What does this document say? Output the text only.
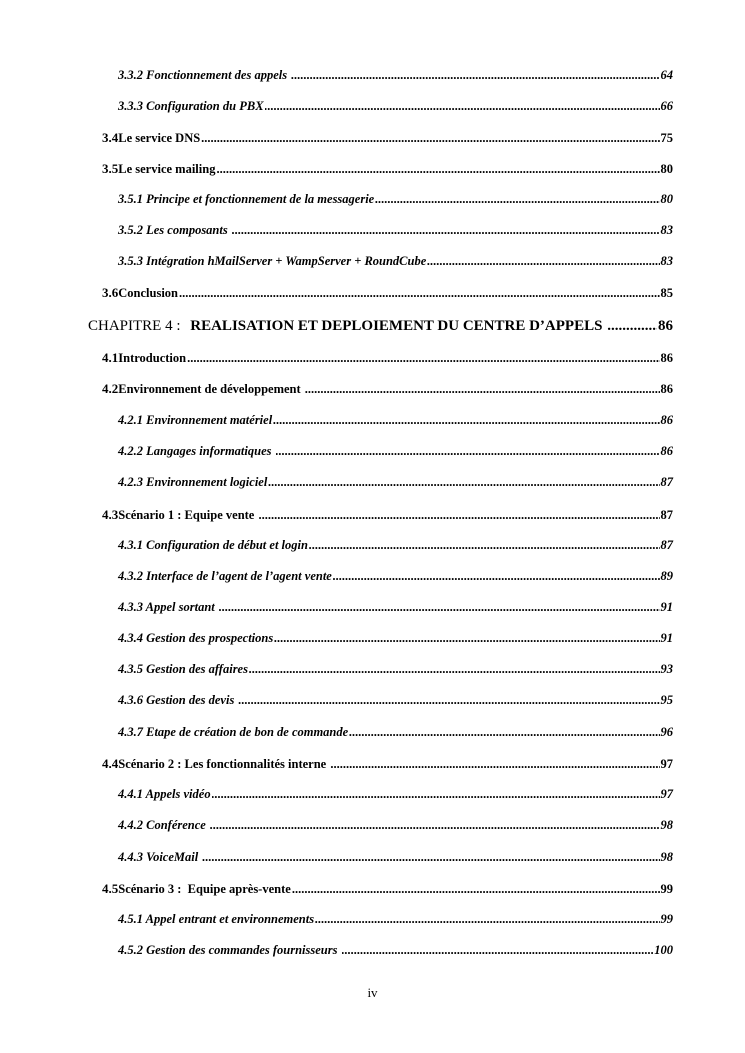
3.3.2 Fonctionnement des appels .....	64
3.3.3 Configuration du PBX .....	66
3.4 Le service DNS .....	75
3.5 Le service mailing .....	80
3.5.1 Principe et fonctionnement de la messagerie .....	80
3.5.2 Les composants .....	83
3.5.3 Intégration hMailServer + WampServer + RoundCube .....	83
3.6 Conclusion .....	85
CHAPITRE 4 : REALISATION ET DEPLOIEMENT DU CENTRE D’APPELS .....	86
4.1 Introduction .....	86
4.2 Environnement de développement .....	86
4.2.1 Environnement matériel .....	86
4.2.2 Langages informatiques .....	86
4.2.3 Environnement logiciel .....	87
4.3 Scénario 1 : Equipe vente .....	87
4.3.1 Configuration de début et login .....	87
4.3.2 Interface de l’agent de l’agent vente .....	89
4.3.3 Appel sortant .....	91
4.3.4 Gestion des prospections .....	91
4.3.5 Gestion des affaires .....	93
4.3.6 Gestion des devis .....	95
4.3.7 Etape de création de bon de commande .....	96
4.4 Scénario 2 : Les fonctionnalités interne .....	97
4.4.1 Appels vidéo .....	97
4.4.2 Conférence .....	98
4.4.3 VoiceMail .....	98
4.5 Scénario 3 :  Equipe après-vente .....	99
4.5.1 Appel entrant et environnements .....	99
4.5.2 Gestion des commandes fournisseurs .....	100
iv
